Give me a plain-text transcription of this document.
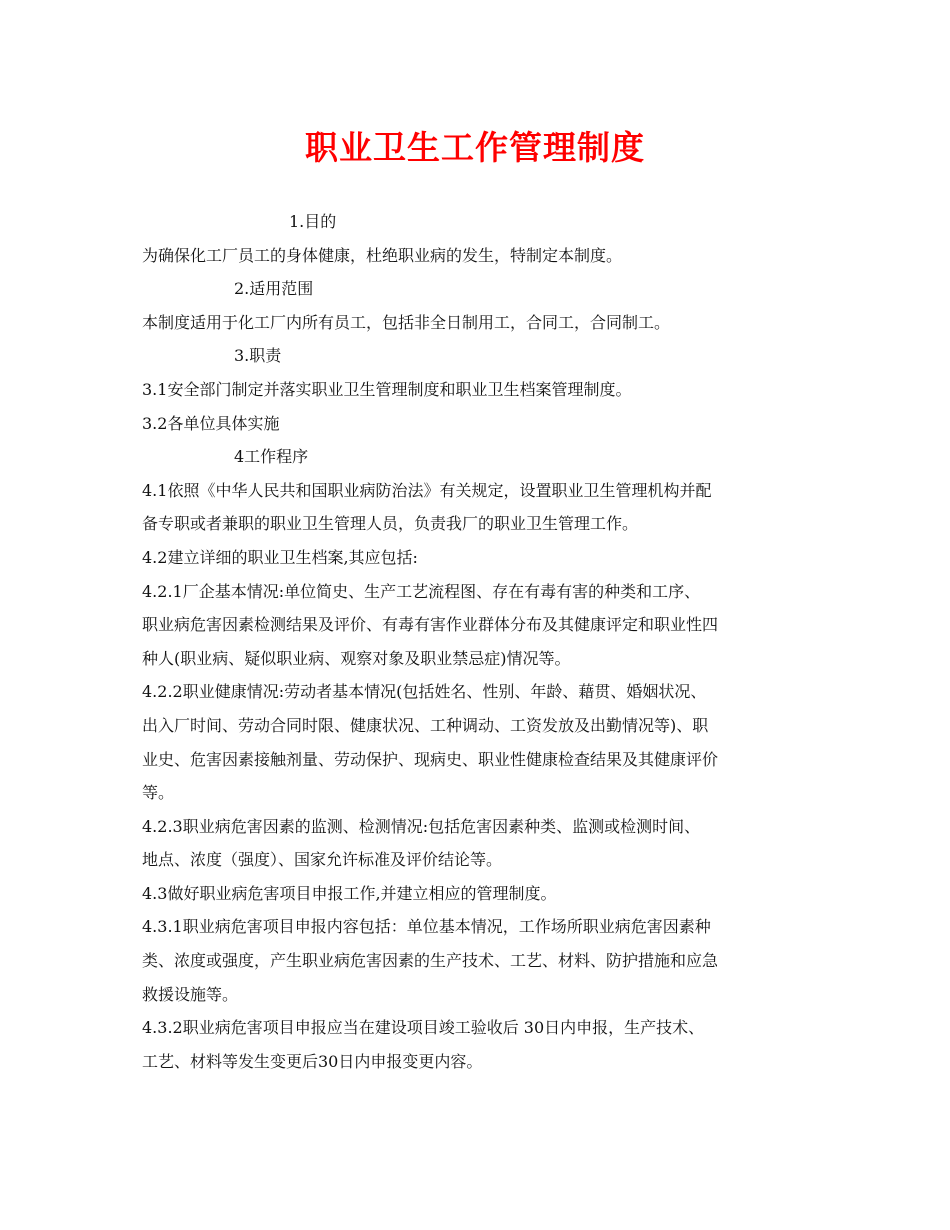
职业卫生工作管理制度

1.目的

为确保化工厂员工的身体健康，杜绝职业病的发生，特制定本制度。

2.适用范围

本制度适用于化工厂内所有员工，包括非全日制用工，合同工，合同制工。

3.职责

3.1安全部门制定并落实职业卫生管理制度和职业卫生档案管理制度。

3.2各单位具体实施

4工作程序

4.1依照《中华人民共和国职业病防治法》有关规定，设置职业卫生管理机构并配

备专职或者兼职的职业卫生管理人员，负责我厂的职业卫生管理工作。

4.2建立详细的职业卫生档案,其应包括:

4.2.1厂企基本情况:单位简史、生产工艺流程图、存在有毒有害的种类和工序、

职业病危害因素检测结果及评价、有毒有害作业群体分布及其健康评定和职业性四

种人(职业病、疑似职业病、观察对象及职业禁忌症)情况等。

4.2.2职业健康情况:劳动者基本情况(包括姓名、性别、年龄、藉贯、婚姻状况、

出入厂时间、劳动合同时限、健康状况、工种调动、工资发放及出勤情况等)、职

业史、危害因素接触剂量、劳动保护、现病史、职业性健康检查结果及其健康评价

等。

4.2.3职业病危害因素的监测、检测情况:包括危害因素种类、监测或检测时间、

地点、浓度（强度）、国家允许标准及评价结论等。

4.3做好职业病危害项目申报工作,并建立相应的管理制度。

4.3.1职业病危害项目申报内容包括：单位基本情况，工作场所职业病危害因素种

类、浓度或强度，产生职业病危害因素的生产技术、工艺、材料、防护措施和应急

救援设施等。

4.3.2职业病危害项目申报应当在建设项目竣工验收后 30日内申报，生产技术、

工艺、材料等发生变更后30日内申报变更内容。
